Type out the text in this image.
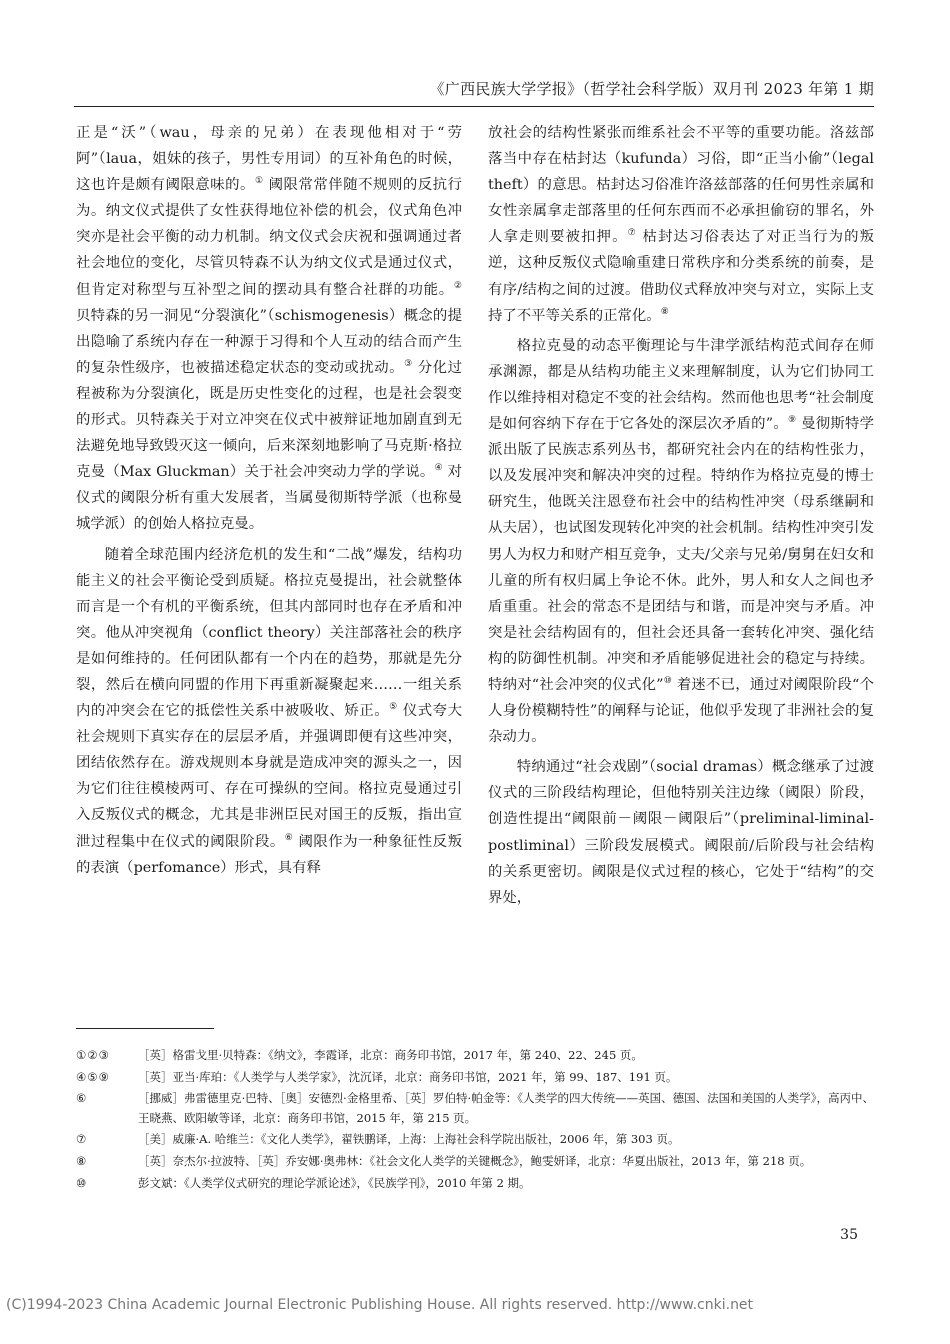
《广西民族大学学报》（哲学社会科学版）双月刊 2023 年第 1 期

正是“沃”（wau，母亲的兄弟）在表现他相对于“劳阿”（laua，姐妹的孩子，男性专用词）的互补角色的时候，这也许是颇有阈限意味的。① 阈限常常伴随不规则的反抗行为。纳文仪式提供了女性获得地位补偿的机会，仪式角色冲突亦是社会平衡的动力机制。纳文仪式会庆祝和强调通过者社会地位的变化，尽管贝特森不认为纳文仪式是通过仪式，但肯定对称型与互补型之间的摆动具有整合社群的功能。② 贝特森的另一洞见“分裂演化”（schismogenesis）概念的提出隐喻了系统内存在一种源于习得和个人互动的结合而产生的复杂性级序，也被描述稳定状态的变动或扰动。③ 分化过程被称为分裂演化，既是历史性变化的过程，也是社会裂变的形式。贝特森关于对立冲突在仪式中被辩证地加剧直到无法避免地导致毁灭这一倾向，后来深刻地影响了马克斯·格拉克曼（Max Gluckman）关于社会冲突动力学的学说。④ 对仪式的阈限分析有重大发展者，当属曼彻斯特学派（也称曼城学派）的创始人格拉克曼。

随着全球范围内经济危机的发生和“二战”爆发，结构功能主义的社会平衡论受到质疑。格拉克曼提出，社会就整体而言是一个有机的平衡系统，但其内部同时也存在矛盾和冲突。他从冲突视角（conflict theory）关注部落社会的秩序是如何维持的。任何团队都有一个内在的趋势，那就是先分裂，然后在横向同盟的作用下再重新凝聚起来……一组关系内的冲突会在它的抵偿性关系中被吸收、矫正。⑤ 仪式夸大社会规则下真实存在的层层矛盾，并强调即便有这些冲突，团结依然存在。游戏规则本身就是造成冲突的源头之一，因为它们往往模棱两可、存在可操纵的空间。格拉克曼通过引入反叛仪式的概念，尤其是非洲臣民对国王的反叛，指出宣泄过程集中在仪式的阈限阶段。⑥ 阈限作为一种象征性反叛的表演（perfomance）形式，具有释

放社会的结构性紧张而维系社会不平等的重要功能。洛兹部落当中存在枯封达（kufunda）习俗，即“正当小偷”（legal theft）的意思。枯封达习俗准许洛兹部落的任何男性亲属和女性亲属拿走部落里的任何东西而不必承担偷窃的罪名，外人拿走则要被扣押。⑦ 枯封达习俗表达了对正当行为的叛逆，这种反叛仪式隐喻重建日常秩序和分类系统的前奏，是有序/结构之间的过渡。借助仪式释放冲突与对立，实际上支持了不平等关系的正常化。⑧

格拉克曼的动态平衡理论与牛津学派结构范式间存在师承渊源，都是从结构功能主义来理解制度，认为它们协同工作以维持相对稳定不变的社会结构。然而他也思考“社会制度是如何容纳下存在于它各处的深层次矛盾的”。⑨ 曼彻斯特学派出版了民族志系列丛书，都研究社会内在的结构性张力，以及发展冲突和解决冲突的过程。特纳作为格拉克曼的博士研究生，他既关注恩登布社会中的结构性冲突（母系继嗣和从夫居），也试图发现转化冲突的社会机制。结构性冲突引发男人为权力和财产相互竞争，丈夫/父亲与兄弟/舅舅在妇女和儿童的所有权归属上争论不休。此外，男人和女人之间也矛盾重重。社会的常态不是团结与和谐，而是冲突与矛盾。冲突是社会结构固有的，但社会还具备一套转化冲突、强化结构的防御性机制。冲突和矛盾能够促进社会的稳定与持续。特纳对“社会冲突的仪式化”⑩ 着迷不已，通过对阈限阶段“个人身份模糊特性”的阐释与论证，他似乎发现了非洲社会的复杂动力。

特纳通过“社会戏剧”（social dramas）概念继承了过渡仪式的三阶段结构理论，但他特别关注边缘（阈限）阶段，创造性提出“阈限前－阈限－阈限后”（preliminal-liminal-postliminal）三阶段发展模式。阈限前/后阶段与社会结构的关系更密切。阈限是仪式过程的核心，它处于“结构”的交界处，

①②③	［英］格雷戈里·贝特森：《纳文》，李霞译，北京：商务印书馆，2017 年，第 240、22、245 页。
④⑤⑨	［英］亚当·库珀：《人类学与人类学家》，沈沉译，北京：商务印书馆，2021 年，第 99、187、191 页。
⑥	［挪威］弗雷德里克·巴特、［奥］安德烈·金格里希、［英］罗伯特·帕金等：《人类学的四大传统——英国、德国、法国和美国的人类学》，高丙中、王晓燕、欧阳敏等译，北京：商务印书馆，2015 年，第 215 页。
⑦	［美］威廉·A. 哈维兰：《文化人类学》，翟铁鹏译，上海：上海社会科学院出版社，2006 年，第 303 页。
⑧	［英］奈杰尔·拉波特、［英］乔安娜·奥弗林：《社会文化人类学的关键概念》，鲍雯妍译，北京：华夏出版社，2013 年，第 218 页。
⑩	彭文斌：《人类学仪式研究的理论学派论述》，《民族学刊》，2010 年第 2 期。
35
(C)1994-2023 China Academic Journal Electronic Publishing House. All rights reserved. http://www.cnki.net
